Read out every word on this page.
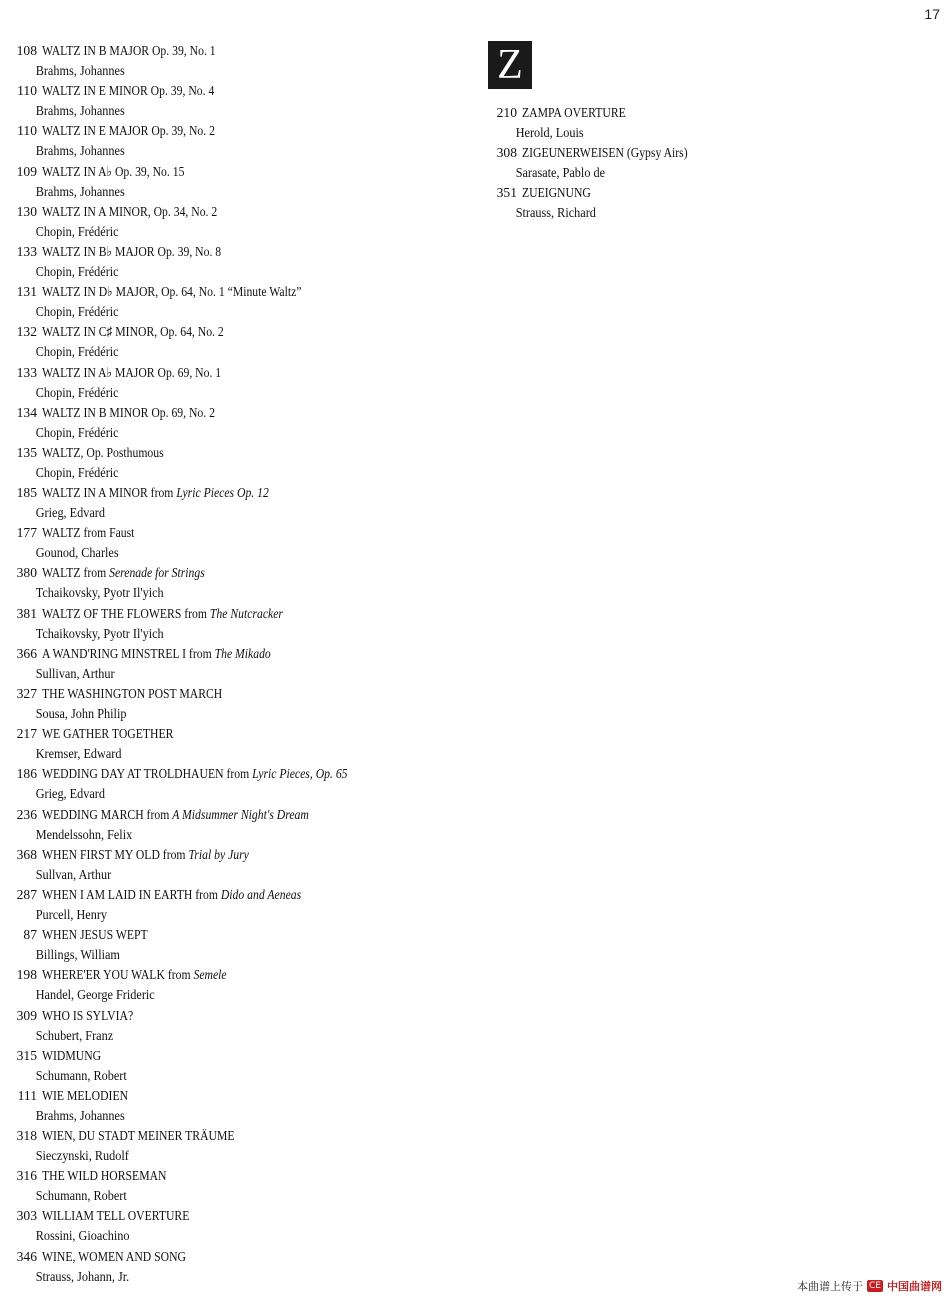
17
108 WALTZ IN B MAJOR Op. 39, No. 1
Brahms, Johannes
110 WALTZ IN E MINOR Op. 39, No. 4
Brahms, Johannes
110 WALTZ IN E MAJOR Op. 39, No. 2
Brahms, Johannes
109 WALTZ IN A♭ Op. 39, No. 15
Brahms, Johannes
130 WALTZ IN A MINOR, Op. 34, No. 2
Chopin, Frédéric
133 WALTZ IN B♭ MAJOR Op. 39, No. 8
Chopin, Frédéric
131 WALTZ IN D♭ MAJOR, Op. 64, No. 1 “Minute Waltz”
Chopin, Frédéric
132 WALTZ IN C♯ MINOR, Op. 64, No. 2
Chopin, Frédéric
133 WALTZ IN A♭ MAJOR Op. 69, No. 1
Chopin, Frédéric
134 WALTZ IN B MINOR Op. 69, No. 2
Chopin, Frédéric
135 WALTZ, Op. Posthumous
Chopin, Frédéric
185 WALTZ IN A MINOR from Lyric Pieces Op. 12
Grieg, Edvard
177 WALTZ from Faust
Gounod, Charles
380 WALTZ from Serenade for Strings
Tchaikovsky, Pyotr Il'yich
381 WALTZ OF THE FLOWERS from The Nutcracker
Tchaikovsky, Pyotr Il'yich
366 A WAND'RING MINSTREL I from The Mikado
Sullivan, Arthur
327 THE WASHINGTON POST MARCH
Sousa, John Philip
217 WE GATHER TOGETHER
Kremser, Edward
186 WEDDING DAY AT TROLDHAUEN from Lyric Pieces, Op. 65
Grieg, Edvard
236 WEDDING MARCH from A Midsummer Night's Dream
Mendelssohn, Felix
368 WHEN FIRST MY OLD from Trial by Jury
Sullvan, Arthur
287 WHEN I AM LAID IN EARTH from Dido and Aeneas
Purcell, Henry
87 WHEN JESUS WEPT
Billings, William
198 WHERE'ER YOU WALK from Semele
Handel, George Frideric
309 WHO IS SYLVIA?
Schubert, Franz
315 WIDMUNG
Schumann, Robert
111 WIE MELODIEN
Brahms, Johannes
318 WIEN, DU STADT MEINER TRÄUME
Sieczynski, Rudolf
316 THE WILD HORSEMAN
Schumann, Robert
303 WILLIAM TELL OVERTURE
Rossini, Gioachino
346 WINE, WOMEN AND SONG
Strauss, Johann, Jr.
Z
210 ZAMPA OVERTURE
Herold, Louis
308 ZIGEUNERWEISEN (Gypsy Airs)
Sarasate, Pablo de
351 ZUEIGNUNG
Strauss, Richard
本曲谱上传于 CE 中国曲谱网
